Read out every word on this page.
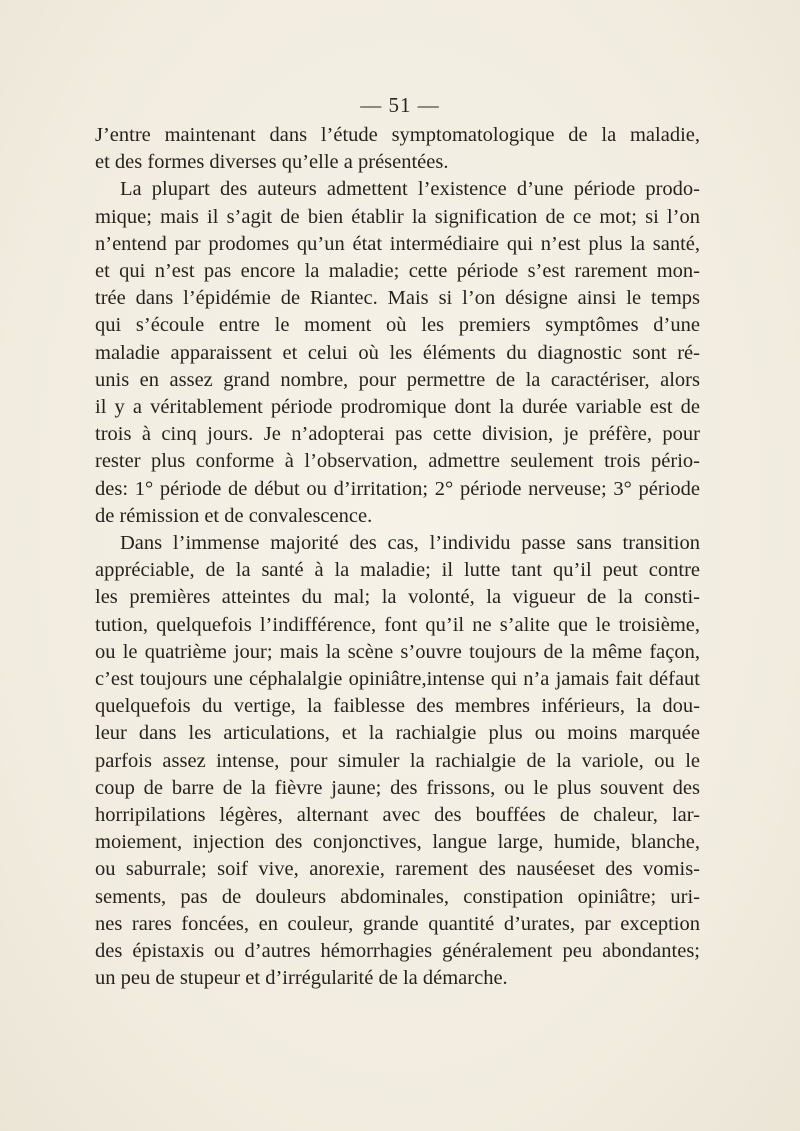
— 51 —
J’entre maintenant dans l’étude symptomatologique de la maladie,
et des formes diverses qu’elle a présentées.
La plupart des auteurs admettent l’existence d’une période prodo-
mique; mais il s’agit de bien établir la signification de ce mot; si l’on
n’entend par prodomes qu’un état intermédiaire qui n’est plus la santé,
et qui n’est pas encore la maladie; cette période s’est rarement mon-
trée dans l’épidémie de Riantec. Mais si l’on désigne ainsi le temps
qui s’écoule entre le moment où les premiers symptômes d’une
maladie apparaissent et celui où les éléments du diagnostic sont ré-
unis en assez grand nombre, pour permettre de la caractériser, alors
il y a véritablement période prodromique dont la durée variable est de
trois à cinq jours. Je n’adopterai pas cette division, je préfère, pour
rester plus conforme à l’observation, admettre seulement trois pério-
des: 1° période de début ou d’irritation; 2° période nerveuse; 3° période
de rémission et de convalescence.
Dans l’immense majorité des cas, l’individu passe sans transition
appréciable, de la santé à la maladie; il lutte tant qu’il peut contre
les premières atteintes du mal; la volonté, la vigueur de la consti-
tution, quelquefois l’indifférence, font qu’il ne s’alite que le troisième,
ou le quatrième jour; mais la scène s’ouvre toujours de la même façon,
c’est toujours une céphalalgie opiniâtre,intense qui n’a jamais fait défaut
quelquefois du vertige, la faiblesse des membres inférieurs, la dou-
leur dans les articulations, et la rachialgie plus ou moins marquée
parfois assez intense, pour simuler la rachialgie de la variole, ou le
coup de barre de la fièvre jaune; des frissons, ou le plus souvent des
horripilations légères, alternant avec des bouffées de chaleur, lar-
moiement, injection des conjonctives, langue large, humide, blanche,
ou saburrale; soif vive, anorexie, rarement des nauséeset des vomis-
sements, pas de douleurs abdominales, constipation opiniâtre; uri-
nes rares foncées, en couleur, grande quantité d’urates, par exception
des épistaxis ou d’autres hémorrhagies généralement peu abondantes;
un peu de stupeur et d’irrégularité de la démarche.
